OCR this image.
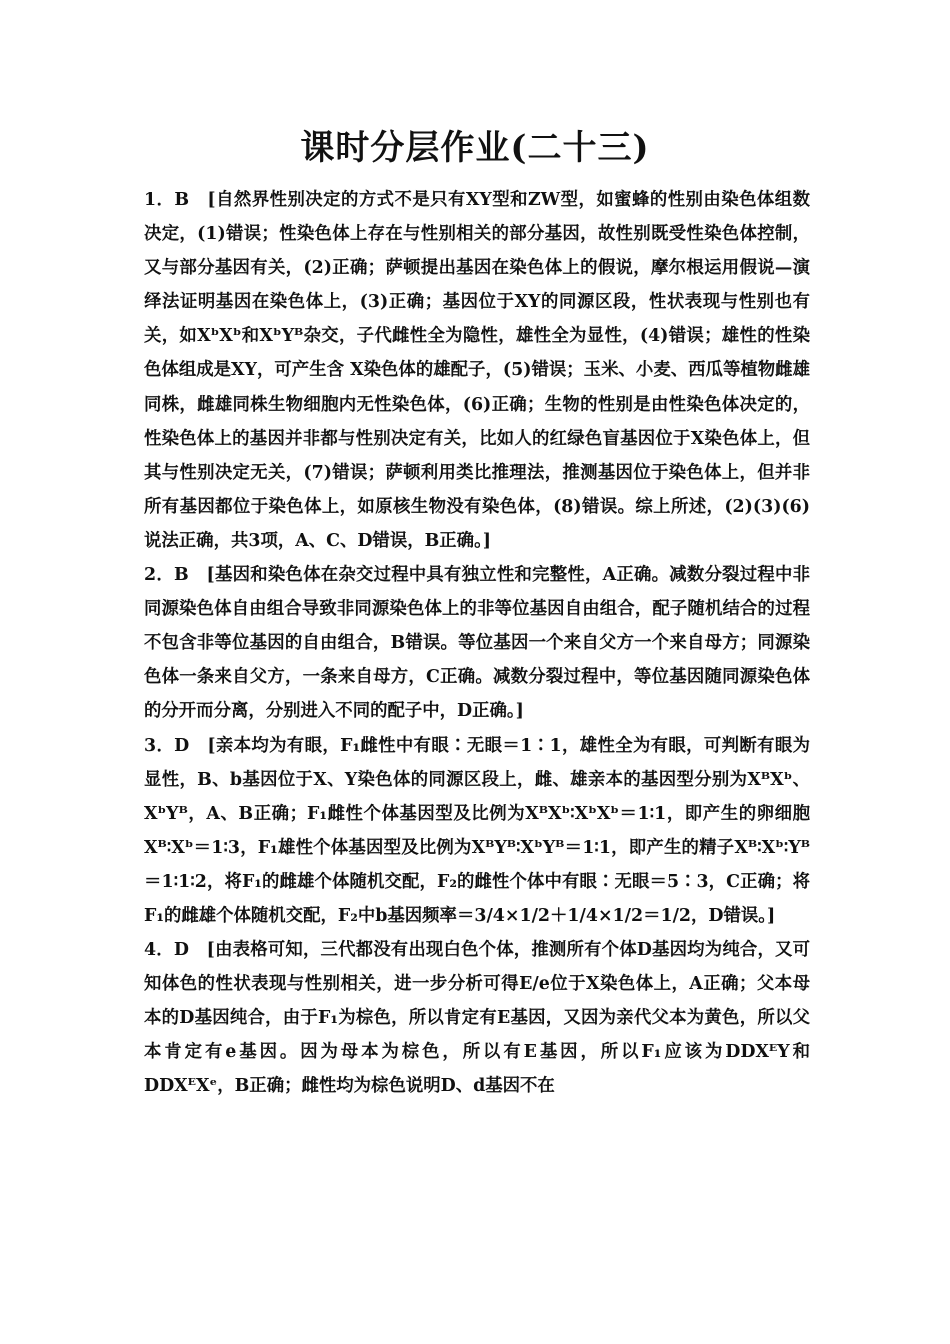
课时分层作业(二十三)

1．B　[自然界性别决定的方式不是只有XY型和ZW型，如蜜蜂的性别由染色体组数决定，(1)错误；性染色体上存在与性别相关的部分基因，故性别既受性染色体控制，又与部分基因有关，(2)正确；萨顿提出基因在染色体上的假说，摩尔根运用假说—演绎法证明基因在染色体上，(3)正确；基因位于XY的同源区段，性状表现与性别也有关，如XᵇXᵇ和XᵇYᴮ杂交，子代雌性全为隐性，雄性全为显性，(4)错误；雄性的性染色体组成是XY，可产生含 X染色体的雄配子，(5)错误；玉米、小麦、西瓜等植物雌雄同株，雌雄同株生物细胞内无性染色体，(6)正确；生物的性别是由性染色体决定的，性染色体上的基因并非都与性别决定有关，比如人的红绿色盲基因位于X染色体上，但其与性别决定无关，(7)错误；萨顿利用类比推理法，推测基因位于染色体上，但并非所有基因都位于染色体上，如原核生物没有染色体，(8)错误。综上所述，(2)(3)(6)说法正确，共3项，A、C、D错误，B正确。]

2．B　[基因和染色体在杂交过程中具有独立性和完整性，A正确。减数分裂过程中非同源染色体自由组合导致非同源染色体上的非等位基因自由组合，配子随机结合的过程不包含非等位基因的自由组合，B错误。等位基因一个来自父方一个来自母方；同源染色体一条来自父方，一条来自母方，C正确。减数分裂过程中，等位基因随同源染色体的分开而分离，分别进入不同的配子中，D正确。]

3．D　[亲本均为有眼，F₁雌性中有眼∶无眼＝1∶1，雄性全为有眼，可判断有眼为显性，B、b基因位于X、Y染色体的同源区段上，雌、雄亲本的基因型分别为XᴮXᵇ、XᵇYᴮ，A、B正确；F₁雌性个体基因型及比例为XᴮXᵇ∶XᵇXᵇ＝1∶1，即产生的卵细胞Xᴮ∶Xᵇ＝1∶3，F₁雄性个体基因型及比例为XᴮYᴮ∶XᵇYᴮ＝1∶1，即产生的精子Xᴮ∶Xᵇ∶Yᴮ＝1∶1∶2，将F₁的雌雄个体随机交配，F₂的雌性个体中有眼∶无眼＝5∶3，C正确；将F₁的雌雄个体随机交配，F₂中b基因频率＝3/4×1/2＋1/4×1/2＝1/2，D错误。]

4．D　[由表格可知，三代都没有出现白色个体，推测所有个体D基因均为纯合，又可知体色的性状表现与性别相关，进一步分析可得E/e位于X染色体上，A正确；父本母本的D基因纯合，由于F₁为棕色，所以肯定有E基因，又因为亲代父本为黄色，所以父本肯定有e基因。因为母本为棕色，所以有E基因，所以F₁应该为DDXᴱY和DDXᴱXᵉ，B正确；雌性均为棕色说明D、d基因不在
